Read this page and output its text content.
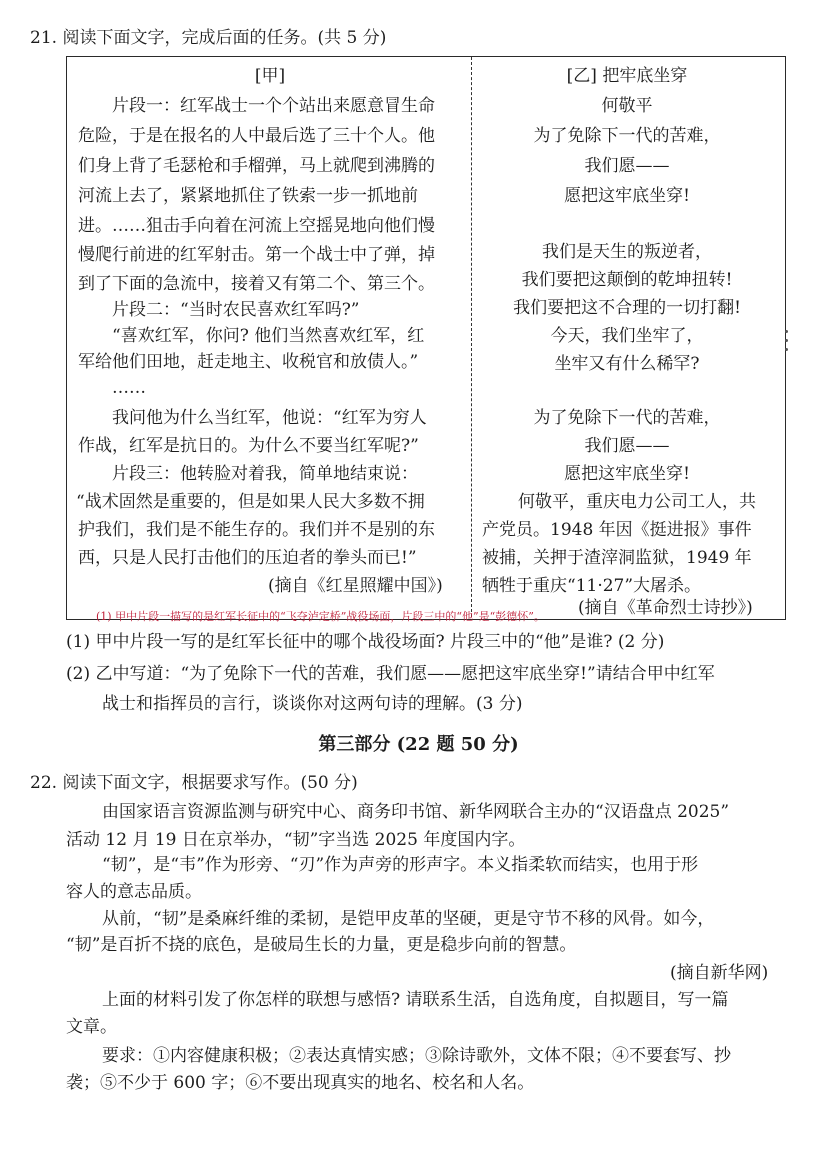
21. 阅读下面文字，完成后面的任务。(共 5 分)
[甲]
片段一：红军战士一个个站出来愿意冒生命
危险，于是在报名的人中最后选了三十个人。他
们身上背了毛瑟枪和手榴弹，马上就爬到沸腾的
河流上去了，紧紧地抓住了铁索一步一抓地前
进。……狙击手向着在河流上空摇晃地向他们慢
慢爬行前进的红军射击。第一个战士中了弹，掉
到了下面的急流中，接着又有第二个、第三个。
片段二：“当时农民喜欢红军吗?”
“喜欢红军，你问? 他们当然喜欢红军，红
军给他们田地，赶走地主、收税官和放债人。”
……
我问他为什么当红军，他说：“红军为穷人
作战，红军是抗日的。为什么不要当红军呢?”
片段三：他转脸对着我，简单地结束说：
“战术固然是重要的，但是如果人民大多数不拥
护我们，我们是不能生存的。我们并不是别的东
西，只是人民打击他们的压迫者的拳头而已!”
(摘自《红星照耀中国》)
[乙] 把牢底坐穿
何敬平
为了免除下一代的苦难，
我们愿——
愿把这牢底坐穿!
我们是天生的叛逆者，
我们要把这颠倒的乾坤扭转!
我们要把这不合理的一切打翻!
今天，我们坐牢了，
坐牢又有什么稀罕?
为了免除下一代的苦难，
我们愿——
愿把这牢底坐穿!
何敬平，重庆电力公司工人，共
产党员。1948 年因《挺进报》事件
被捕，关押于渣滓洞监狱，1949 年
牺牲于重庆“11·27”大屠杀。
(摘自《革命烈士诗抄》)
(1) 甲中片段一描写的是红军长征中的“飞夺泸定桥”战役场面，片段三中的“他”是“彭德怀”。
(1) 甲中片段一写的是红军长征中的哪个战役场面? 片段三中的“他”是谁? (2 分)
(2) 乙中写道：“为了免除下一代的苦难，我们愿——愿把这牢底坐穿!”请结合甲中红军
战士和指挥员的言行，谈谈你对这两句诗的理解。(3 分)
第三部分 (22 题 50 分)
22. 阅读下面文字，根据要求写作。(50 分)
由国家语言资源监测与研究中心、商务印书馆、新华网联合主办的“汉语盘点 2025”
活动 12 月 19 日在京举办，“韧”字当选 2025 年度国内字。
“韧”，是“韦”作为形旁、“刃”作为声旁的形声字。本义指柔软而结实，也用于形
容人的意志品质。
从前，“韧”是桑麻纤维的柔韧，是铠甲皮革的坚硬，更是守节不移的风骨。如今，
“韧”是百折不挠的底色，是破局生长的力量，更是稳步向前的智慧。
(摘自新华网)
上面的材料引发了你怎样的联想与感悟? 请联系生活，自选角度，自拟题目，写一篇
文章。
要求：①内容健康积极；②表达真情实感；③除诗歌外，文体不限；④不要套写、抄
袭；⑤不少于 600 字；⑥不要出现真实的地名、校名和人名。
